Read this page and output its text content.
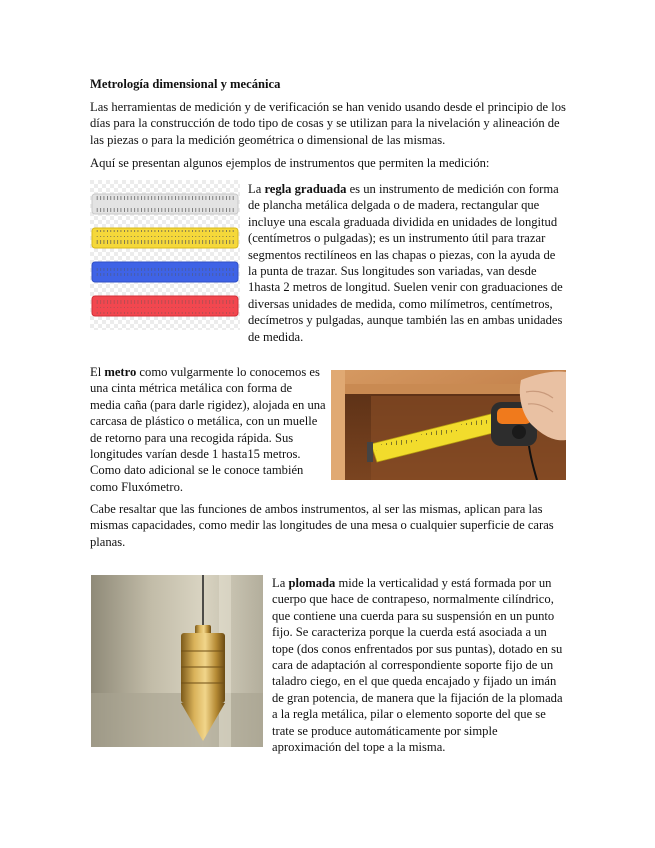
Metrología dimensional y mecánica

Las herramientas de medición y de verificación se han venido usando desde el principio de los días para la construcción de todo tipo de cosas y se utilizan para la nivelación y alineación de las piezas o para la medición geométrica o dimensional de las mismas.

Aquí se presentan algunos ejemplos de instrumentos que permiten la medición:

La regla graduada es un instrumento de medición con forma de plancha metálica delgada o de madera, rectangular que incluye una escala graduada dividida en unidades de longitud (centímetros o pulgadas); es un instrumento útil para trazar segmentos rectilíneos en las chapas o piezas, con la ayuda de la punta de trazar. Sus longitudes son variadas, van desde 1hasta 2 metros de longitud. Suelen venir con graduaciones de diversas unidades de medida, como milímetros, centímetros, decímetros y pulgadas, aunque también las en ambas unidades de medida.

El metro como vulgarmente lo conocemos es una cinta métrica metálica con forma de media caña (para darle rigidez), alojada en una carcasa de plástico o metálica, con un muelle de retorno para una recogida rápida. Sus longitudes varían desde 1 hasta15 metros. Como dato adicional se le conoce también como Fluxómetro.

Cabe resaltar que las funciones de ambos instrumentos, al ser las mismas, aplican para las mismas capacidades, como medir las longitudes de una mesa o cualquier superficie de caras planas.

La plomada mide la verticalidad y está formada por un cuerpo que hace de contrapeso, normalmente cilíndrico, que contiene una cuerda para su suspensión en un punto fijo. Se caracteriza porque la cuerda está asociada a un tope (dos conos enfrentados por sus puntas), dotado en su cara de adaptación al correspondiente soporte fijo de un taladro ciego, en el que queda encajado y fijado un imán de gran potencia, de manera que la fijación de la plomada a la regla metálica, pilar o elemento soporte del que se trate se produce automáticamente por simple aproximación del tope a la misma.
